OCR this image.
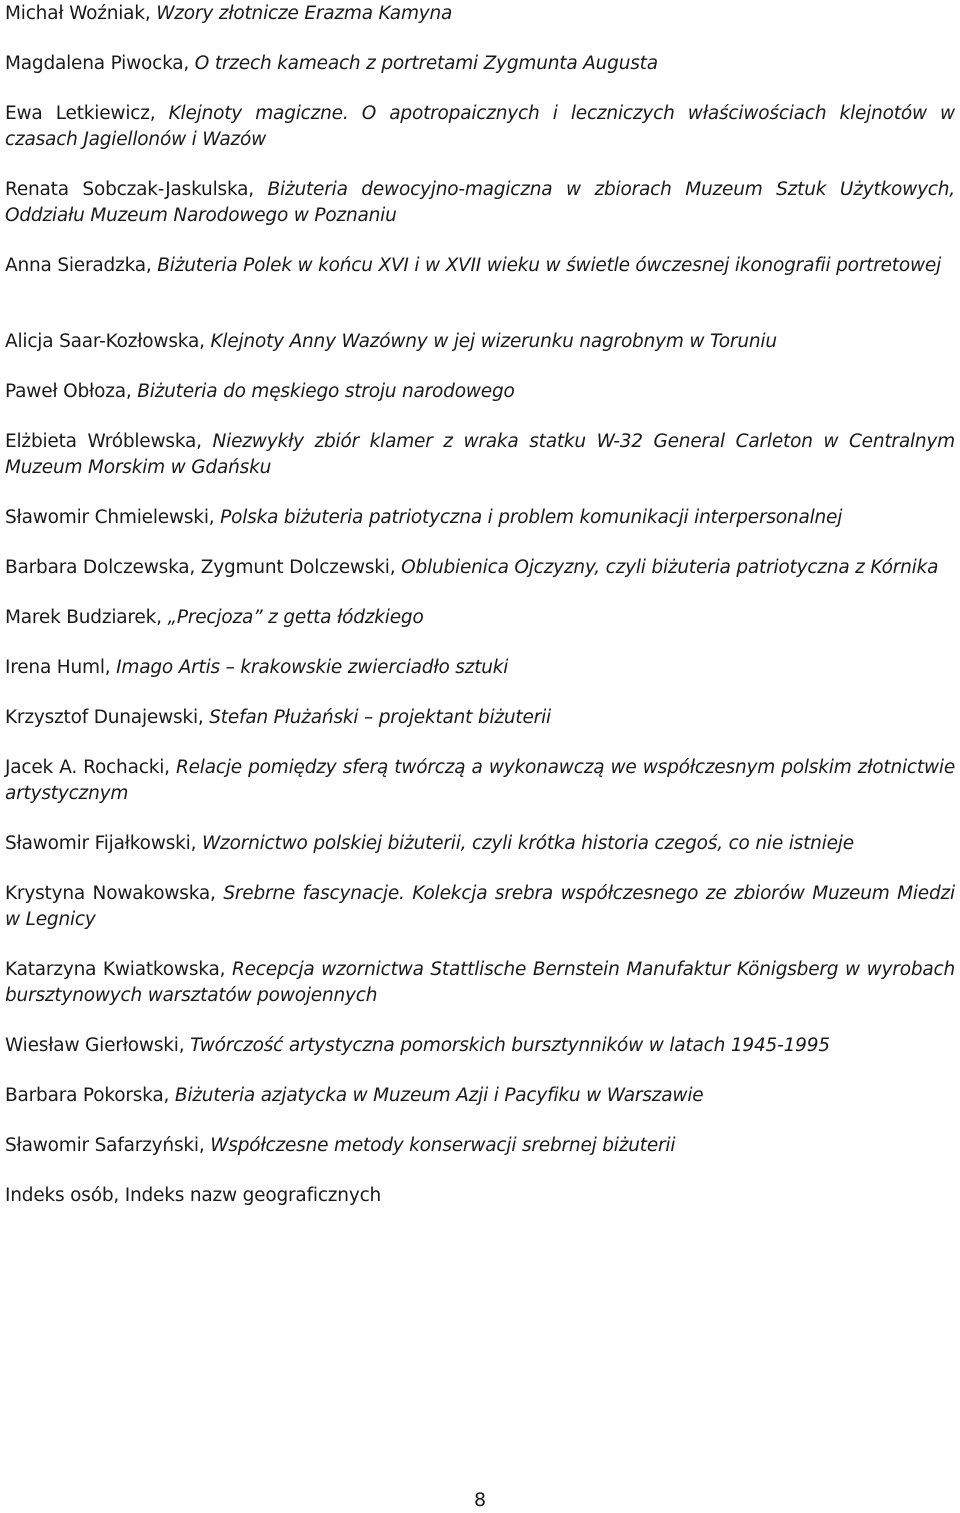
Michał Woźniak, Wzory złotnicze Erazma Kamyna

Magdalena Piwocka, O trzech kameach z portretami Zygmunta Augusta

Ewa Letkiewicz, Klejnoty magiczne. O apotropaicznych i leczniczych właściwościach klejnotów w czasach Jagiellonów i Wazów

Renata Sobczak-Jaskulska, Biżuteria dewocyjno-magiczna w zbiorach Muzeum Sztuk Użytkowych, Oddziału Muzeum Narodowego w Poznaniu

Anna Sieradzka, Biżuteria Polek w końcu XVI i w XVII wieku w świetle ówczesnej ikonografii portretowej

Alicja Saar-Kozłowska, Klejnoty Anny Wazówny w jej wizerunku nagrobnym w Toruniu

Paweł Obłoza, Biżuteria do męskiego stroju narodowego

Elżbieta Wróblewska, Niezwykły zbiór klamer z wraka statku W-32 General Carleton w Centralnym Muzeum Morskim w Gdańsku

Sławomir Chmielewski, Polska biżuteria patriotyczna i problem komunikacji interpersonalnej

Barbara Dolczewska, Zygmunt Dolczewski, Oblubienica Ojczyzny, czyli biżuteria patriotyczna z Kórnika

Marek Budziarek, „Precjoza” z getta łódzkiego

Irena Huml, Imago Artis – krakowskie zwierciadło sztuki

Krzysztof Dunajewski, Stefan Płużański – projektant biżuterii

Jacek A. Rochacki, Relacje pomiędzy sferą twórczą a wykonawczą we współczesnym polskim złotnictwie artystycznym

Sławomir Fijałkowski, Wzornictwo polskiej biżuterii, czyli krótka historia czegoś, co nie istnieje

Krystyna Nowakowska, Srebrne fascynacje. Kolekcja srebra współczesnego ze zbiorów Muzeum Miedzi w Legnicy

Katarzyna Kwiatkowska, Recepcja wzornictwa Stattlische Bernstein Manufaktur Königsberg w wyrobach bursztynowych warsztatów powojennych

Wiesław Gierłowski, Twórczość artystyczna pomorskich bursztynników w latach 1945-1995

Barbara Pokorska, Biżuteria azjatycka w Muzeum Azji i Pacyfiku w Warszawie

Sławomir Safarzyński, Współczesne metody konserwacji srebrnej biżuterii

Indeks osób, Indeks nazw geograficznych

8
